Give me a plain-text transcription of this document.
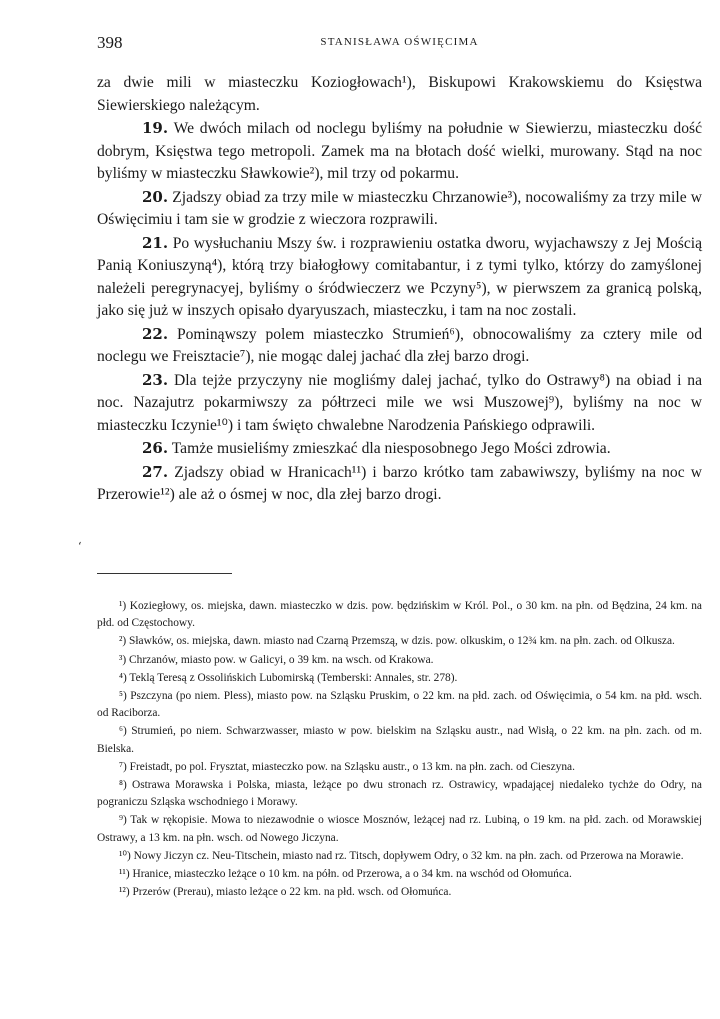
398	STANISŁAWA OŚWIĘCIMA

za dwie mili w miasteczku Koziogłowach¹), Biskupowi Krakowskiemu do Księstwa Siewierskiego należącym.

19. We dwóch milach od noclegu byliśmy na południe w Siewierzu, miasteczku dość dobrym, Księstwa tego metropoli. Zamek ma na błotach dość wielki, murowany. Stąd na noc byliśmy w miasteczku Sławkowie²), mil trzy od pokarmu.

20. Zjadszy obiad za trzy mile w miasteczku Chrzanowie³), nocowaliśmy za trzy mile w Oświęcimiu i tam sie w grodzie z wieczora rozprawili.

21. Po wysłuchaniu Mszy św. i rozprawieniu ostatka dworu, wyjachawszy z Jej Mością Panią Koniuszyną⁴), którą trzy białogłowy comitabantur, i z tymi tylko, którzy do zamyślonej należeli peregrynacyej, byliśmy o śródwieczerz we Pczyny⁵), w pierwszem za granicą polską, jako się już w inszych opisało dyaryuszach, miasteczku, i tam na noc zostali.

22. Pominąwszy polem miasteczko Strumień⁶), obnocowaliśmy za cztery mile od noclegu we Freisztacie⁷), nie mogąc dalej jachać dla złej barzo drogi.

23. Dla tejże przyczyny nie mogliśmy dalej jachać, tylko do Ostrawy⁸) na obiad i na noc. Nazajutrz pokarmiwszy za półtrzeci mile we wsi Muszowej⁹), byliśmy na noc w miasteczku Iczynie¹⁰) i tam święto chwalebne Narodzenia Pańskiego odprawili.

26. Tamże musieliśmy zmieszkać dla niesposobnego Jego Mości zdrowia.

27. Zjadszy obiad w Hranicach¹¹) i barzo krótko tam zabawiwszy, byliśmy na noc w Przerowie¹²) ale aż o ósmej w noc, dla złej barzo drogi.

‘

¹) Koziegłowy, os. miejska, dawn. miasteczko w dzis. pow. będzińskim w Król. Pol., o 30 km. na płn. od Będzina, 24 km. na płd. od Częstochowy.

²) Sławków, os. miejska, dawn. miasto nad Czarną Przemszą, w dzis. pow. olkuskim, o 12¾ km. na płn. zach. od Olkusza.

³) Chrzanów, miasto pow. w Galicyi, o 39 km. na wsch. od Krakowa.

⁴) Teklą Teresą z Ossolińskich Lubomirską (Temberski: Annales, str. 278).

⁵) Pszczyna (po niem. Pless), miasto pow. na Szląsku Pruskim, o 22 km. na płd. zach. od Oświęcimia, o 54 km. na płd. wsch. od Raciborza.

⁶) Strumień, po niem. Schwarzwasser, miasto w pow. bielskim na Szląsku austr., nad Wisłą, o 22 km. na płn. zach. od m. Bielska.

⁷) Freistadt, po pol. Frysztat, miasteczko pow. na Szląsku austr., o 13 km. na płn. zach. od Cieszyna.

⁸) Ostrawa Morawska i Polska, miasta, leżące po dwu stronach rz. Ostrawicy, wpadającej niedaleko tychże do Odry, na pograniczu Szląska wschodniego i Morawy.

⁹) Tak w rękopisie. Mowa to niezawodnie o wiosce Mosznów, leżącej nad rz. Lubiną, o 19 km. na płd. zach. od Morawskiej Ostrawy, a 13 km. na płn. wsch. od Nowego Jiczyna.

¹⁰) Nowy Jiczyn cz. Neu-Titschein, miasto nad rz. Titsch, dopływem Odry, o 32 km. na płn. zach. od Przerowa na Morawie.

¹¹) Hranice, miasteczko leżące o 10 km. na półn. od Przerowa, a o 34 km. na wschód od Ołomuńca.

¹²) Przerów (Prerau), miasto leżące o 22 km. na płd. wsch. od Ołomuńca.
